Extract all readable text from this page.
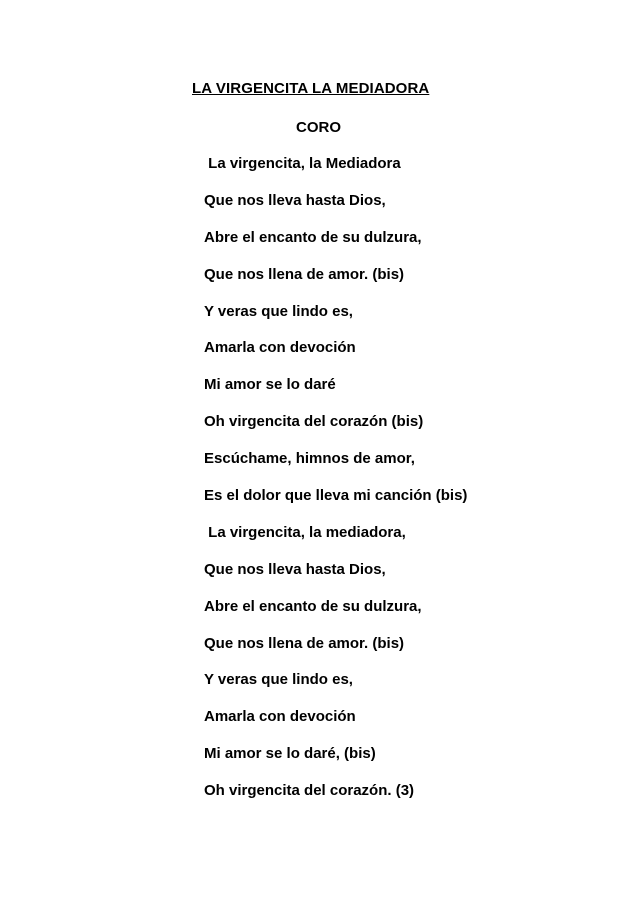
LA VIRGENCITA LA MEDIADORA
CORO
La virgencita, la Mediadora
Que nos lleva hasta Dios,
Abre el encanto de su dulzura,
Que nos llena de amor. (bis)
Y veras que lindo es,
Amarla con devoción
Mi amor se lo daré
Oh virgencita del corazón (bis)
Escúchame, himnos de amor,
Es el dolor que lleva mi canción (bis)
La virgencita, la mediadora,
Que nos lleva hasta Dios,
Abre el encanto de su dulzura,
Que nos llena de amor. (bis)
Y veras que lindo es,
Amarla con devoción
Mi amor se lo daré, (bis)
Oh virgencita del corazón. (3)
